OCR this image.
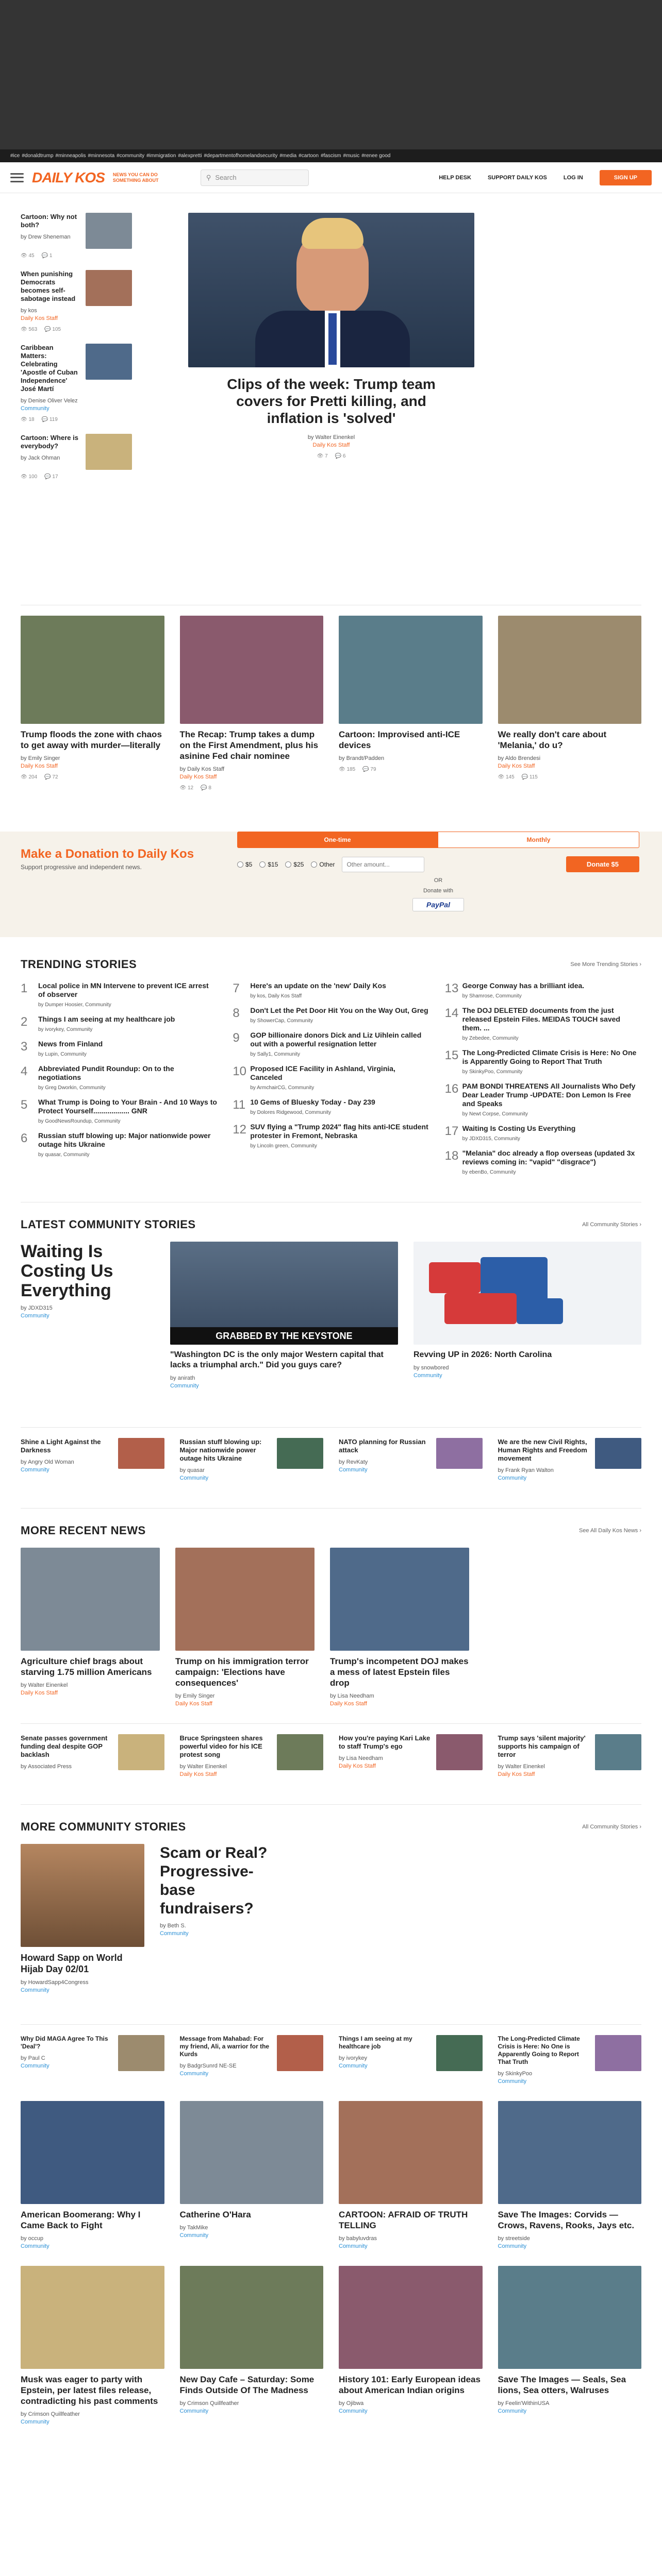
#ice #donaldtrump #minneapolis #minnesota #community #immigration #alexpretti #departmentofhomelandsecurity #media #cartoon #fascism #music #renee good
DAILY KOS NEWS YOU CAN DO SOMETHING ABOUT	⚲ Search	HELP DESK	SUPPORT DAILY KOS	LOG IN	SIGN UP
Cartoon: Why not both?
by Drew Sheneman
👁 45 💬 1
When punishing Democrats becomes self-sabotage instead
by kos
Daily Kos Staff
👁 563 💬 105
Caribbean Matters: Celebrating 'Apostle of Cuban Independence' José Martí
by Denise Oliver Velez
Community
👁 18 💬 119
Cartoon: Where is everybody?
by Jack Ohman
👁 100 💬 17
Clips of the week: Trump team covers for Pretti killing, and inflation is 'solved'
by Walter Einenkel
Daily Kos Staff
👁 7 💬 6
Trump floods the zone with chaos to get away with murder—literally
by Emily Singer
Daily Kos Staff
👁 204 💬 72
The Recap: Trump takes a dump on the First Amendment, plus his asinine Fed chair nominee
by Daily Kos Staff
Daily Kos Staff
👁 12 💬 8
Cartoon: Improvised anti-ICE devices
by Brandt/Padden
👁 185 💬 79
We really don't care about 'Melania,' do u?
by Aldo Brendesi
Daily Kos Staff
👁 145 💬 115
Make a Donation to Daily Kos
Support progressive and independent news.
One-time	Monthly
$5	$15	$25	Other
Other amount...	Donate $5
OR
Donate with
PayPal
TRENDING STORIES	See More Trending Stories ›
1	Local police in MN Intervene to prevent ICE arrest of observer
by Dumper Hoosier, Community
2	Things I am seeing at my healthcare job
by ivorykey, Community
3	News from Finland
by Lupin, Community
4	Abbreviated Pundit Roundup: On to the negotiations
by Greg Dworkin, Community
5	What Trump is Doing to Your Brain - And 10 Ways to Protect Yourself.................. GNR
by GoodNewsRoundup, Community
6	Russian stuff blowing up: Major nationwide power outage hits Ukraine
by quasar, Community
7	Here's an update on the 'new' Daily Kos
by kos, Daily Kos Staff
8	Don't Let the Pet Door Hit You on the Way Out, Greg
by ShowerCap, Community
9	GOP billionaire donors Dick and Liz Uihlein called out with a powerful resignation letter
by Sally1, Community
10 Proposed ICE Facility in Ashland, Virginia, Canceled
by ArmchairCG, Community
11 10 Gems of Bluesky Today - Day 239
by Dolores Ridgewood, Community
12 SUV flying a "Trump 2024" flag hits anti-ICE student protester in Fremont, Nebraska
by Lincoln green, Community
13 George Conway has a brilliant idea.
by Shamrose, Community
14 The DOJ DELETED documents from the just released Epstein Files. MEIDAS TOUCH saved them. ...
by Zebedee, Community
15 The Long-Predicted Climate Crisis is Here: No One is Apparently Going to Report That Truth
by SkinkyPoo, Community
16 PAM BONDI THREATENS All Journalists Who Defy Dear Leader Trump -UPDATE: Don Lemon Is Free and Speaks
by Newt Corpse, Community
17 Waiting Is Costing Us Everything
by JDXD315, Community
18 "Melania" doc already a flop overseas (updated 3x reviews coming in: "vapid" "disgrace")
by ebenBo, Community
LATEST COMMUNITY STORIES	All Community Stories ›
Waiting Is Costing Us Everything
by JDXD315
Community
GRABBED BY THE KEYSTONE
"Washington DC is the only major Western capital that lacks a triumphal arch." Did you guys care?
by anirath
Community
Revving UP in 2026: North Carolina
by snowbored
Community
Shine a Light Against the Darkness
by Angry Old Woman
Community
Russian stuff blowing up: Major nationwide power outage hits Ukraine
by quasar
Community
NATO planning for Russian attack
by RevKaty
Community
We are the new Civil Rights, Human Rights and Freedom movement
by Frank Ryan Walton
Community
MORE RECENT NEWS	See All Daily Kos News ›
Agriculture chief brags about starving 1.75 million Americans
by Walter Einenkel
Daily Kos Staff
Trump on his immigration terror campaign: 'Elections have consequences'
by Emily Singer
Daily Kos Staff
Trump's incompetent DOJ makes a mess of latest Epstein files drop
by Lisa Needham
Daily Kos Staff
Senate passes government funding deal despite GOP backlash
by Associated Press
Bruce Springsteen shares powerful video for his ICE protest song
by Walter Einenkel
Daily Kos Staff
How you're paying Kari Lake to staff Trump's ego
by Lisa Needham
Daily Kos Staff
Trump says 'silent majority' supports his campaign of terror
by Walter Einenkel
Daily Kos Staff
MORE COMMUNITY STORIES	All Community Stories ›
Howard Sapp on World Hijab Day 02/01
by HowardSapp4Congress
Community
Scam or Real? Progressive-base fundraisers?
by Beth S.
Community
Why Did MAGA Agree To This 'Deal'?
by Paul C
Community
Message from Mahabad: For my friend, Ali, a warrior for the Kurds
by BadgrSunrd NE-SE
Community
Things I am seeing at my healthcare job
by ivorykey
Community
The Long-Predicted Climate Crisis is Here: No One is Apparently Going to Report That Truth
by SkinkyPoo
Community
American Boomerang: Why I Came Back to Fight
by occup
Community
Catherine O'Hara
by TakMike
Community
CARTOON: AFRAID OF TRUTH TELLING
by babyluvdras
Community
Save The Images: Corvids — Crows, Ravens, Rooks, Jays etc.
by streetside
Community
Musk was eager to party with Epstein, per latest files release, contradicting his past comments
by Crimson Quillfeather
Community
New Day Cafe – Saturday: Some Finds Outside Of The Madness
by Crimson Quillfeather
Community
History 101: Early European ideas about American Indian origins
by Ojibwa
Community
Save The Images — Seals, Sea lions, Sea otters, Walruses
by Feelin'WithinUSA
Community
